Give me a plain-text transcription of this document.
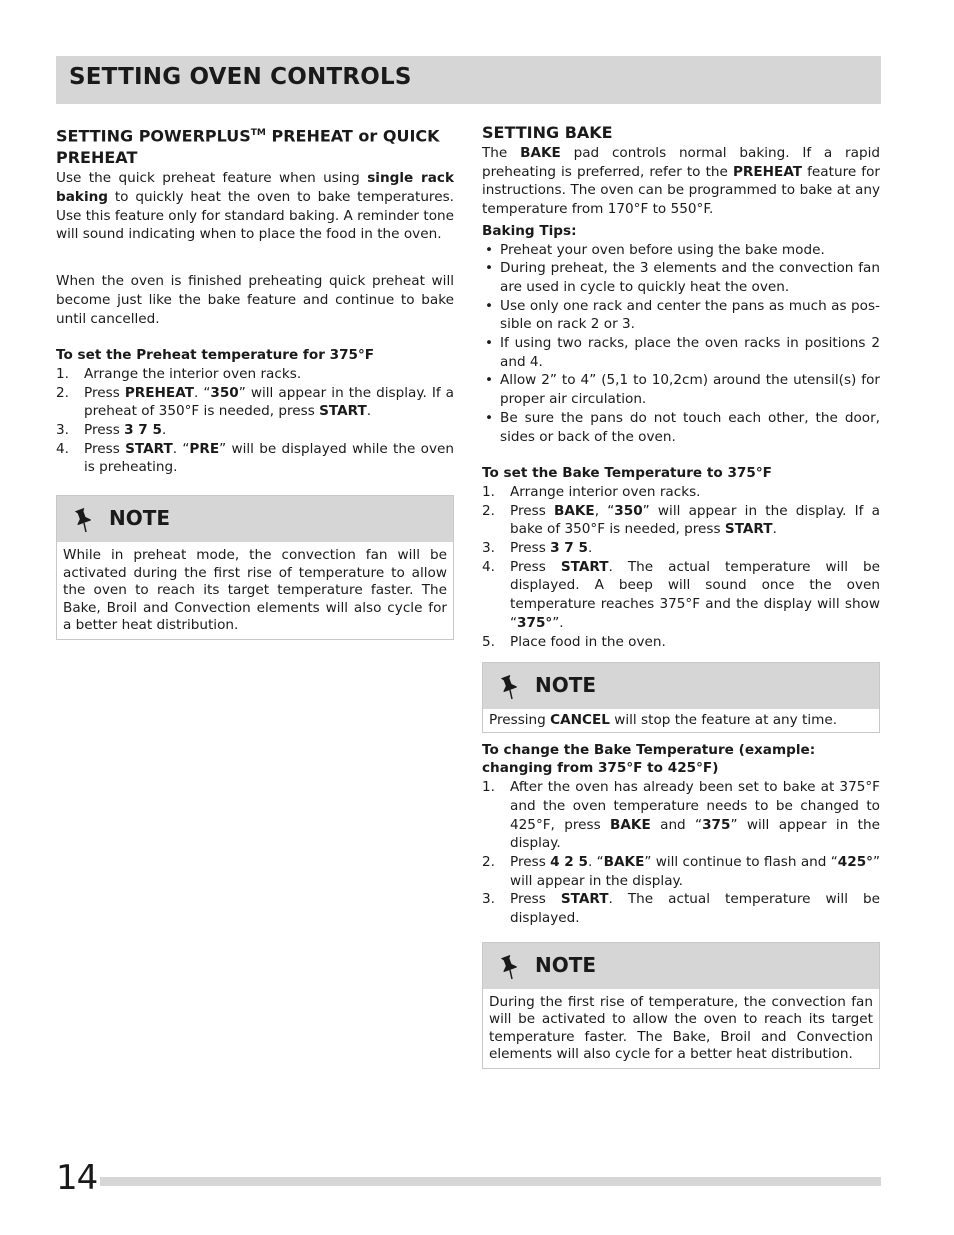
SETTING OVEN CONTROLS
SETTING POWERPLUS™ PREHEAT or QUICK PREHEAT

Use the quick preheat feature when using single rack baking to quickly heat the oven to bake temperatures. Use this feature only for standard baking. A reminder tone will sound indicating when to place the food in the oven.

When the oven is finished preheating quick preheat will become just like the bake feature and continue to bake until cancelled.

To set the Preheat temperature for 375°F

1. Arrange the interior oven racks.
2. Press PREHEAT. “350” will appear in the display. If a preheat of 350°F is needed, press START.
3. Press 3 7 5.
4. Press START. “PRE” will be displayed while the oven is preheating.
NOTE
While in preheat mode, the convection fan will be activated during the first rise of temperature to allow the oven to reach its target temperature faster. The Bake, Broil and Convection elements will also cycle for a better heat distribution.
SETTING BAKE

The BAKE pad controls normal baking. If a rapid preheating is preferred, refer to the PREHEAT feature for instructions. The oven can be programmed to bake at any temperature from 170°F to 550°F.

Baking Tips:

• Preheat your oven before using the bake mode.
• During preheat, the 3 elements and the convection fan are used in cycle to quickly heat the oven.
• Use only one rack and center the pans as much as pos-sible on rack 2 or 3.
• If using two racks, place the oven racks in positions 2 and 4.
• Allow 2” to 4” (5,1 to 10,2cm) around the utensil(s) for proper air circulation.
• Be sure the pans do not touch each other, the door, sides or back of the oven.

To set the Bake Temperature to 375°F

1. Arrange interior oven racks.
2. Press BAKE, “350” will appear in the display. If a bake of 350°F is needed, press START.
3. Press 3 7 5.
4. Press START. The actual temperature will be displayed. A beep will sound once the oven temperature reaches 375°F and the display will show “375°”.
5. Place food in the oven.
NOTE
Pressing CANCEL will stop the feature at any time.

To change the Bake Temperature (example: changing from 375°F to 425°F)

1. After the oven has already been set to bake at 375°F and the oven temperature needs to be changed to 425°F, press BAKE and “375” will appear in the display.
2. Press 4 2 5. “BAKE” will continue to flash and “425°” will appear in the display.
3. Press START. The actual temperature will be displayed.
NOTE
During the first rise of temperature, the convection fan will be activated to allow the oven to reach its target temperature faster. The Bake, Broil and Convection elements will also cycle for a better heat distribution.
14
